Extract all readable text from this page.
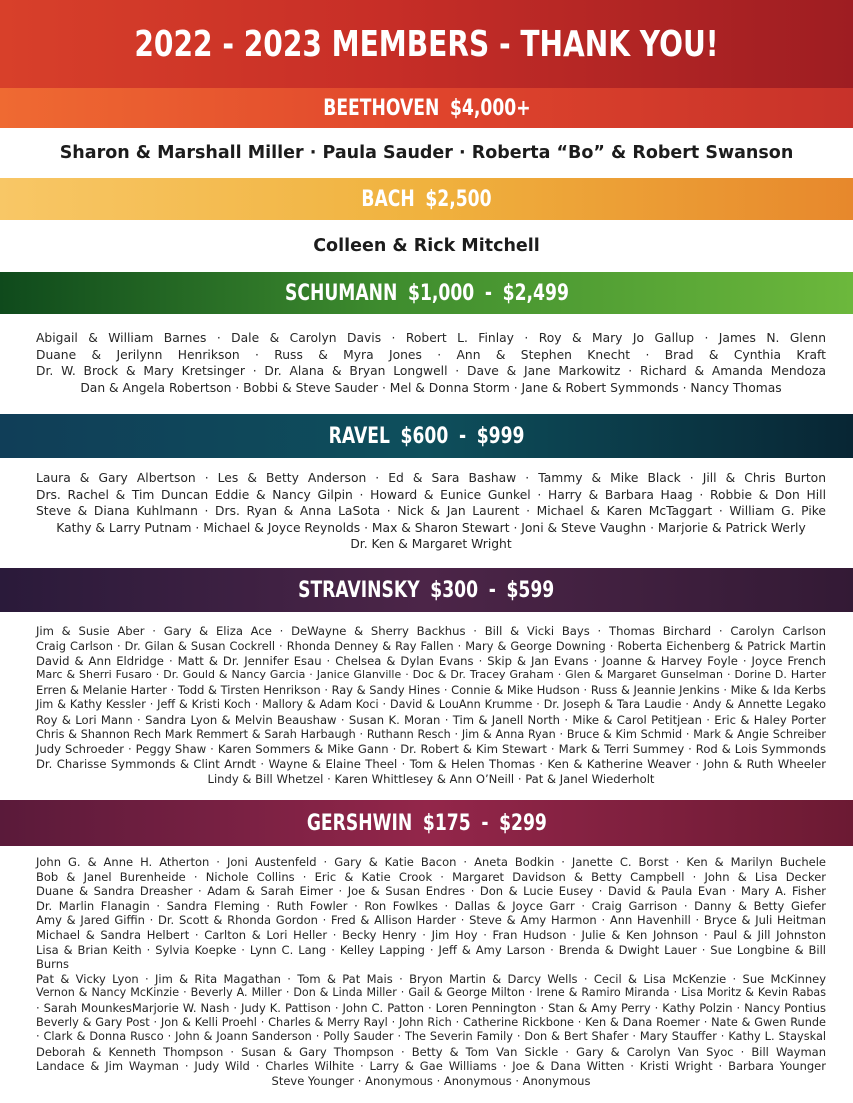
2022 - 2023 MEMBERS - THANK YOU!
BEETHOVEN $4,000+
Sharon & Marshall Miller · Paula Sauder · Roberta “Bo” & Robert Swanson
BACH $2,500
Colleen & Rick Mitchell
SCHUMANN $1,000 - $2,499
Abigail & William Barnes · Dale & Carolyn Davis · Robert L. Finlay · Roy & Mary Jo Gallup · James N. Glenn
Duane & Jerilynn Henrikson · Russ & Myra Jones · Ann & Stephen Knecht · Brad & Cynthia Kraft
Dr. W. Brock & Mary Kretsinger · Dr. Alana & Bryan Longwell · Dave & Jane Markowitz · Richard & Amanda Mendoza
Dan & Angela Robertson · Bobbi & Steve Sauder · Mel & Donna Storm · Jane & Robert Symmonds · Nancy Thomas
RAVEL $600 - $999
Laura & Gary Albertson · Les & Betty Anderson · Ed & Sara Bashaw · Tammy & Mike Black · Jill & Chris Burton
Drs. Rachel & Tim Duncan Eddie & Nancy Gilpin · Howard & Eunice Gunkel · Harry & Barbara Haag · Robbie & Don Hill
Steve & Diana Kuhlmann · Drs. Ryan & Anna LaSota · Nick & Jan Laurent · Michael & Karen McTaggart · William G. Pike
Kathy & Larry Putnam · Michael & Joyce Reynolds · Max & Sharon Stewart · Joni & Steve Vaughn · Marjorie & Patrick Werly
Dr. Ken & Margaret Wright
STRAVINSKY $300 - $599
Jim & Susie Aber · Gary & Eliza Ace · DeWayne & Sherry Backhus · Bill & Vicki Bays · Thomas Birchard · Carolyn Carlson
Craig Carlson · Dr. Gilan & Susan Cockrell · Rhonda Denney & Ray Fallen · Mary & George Downing · Roberta Eichenberg & Patrick Martin
David & Ann Eldridge · Matt & Dr. Jennifer Esau · Chelsea & Dylan Evans · Skip & Jan Evans · Joanne & Harvey Foyle · Joyce French
Marc & Sherri Fusaro · Dr. Gould & Nancy Garcia · Janice Glanville · Doc & Dr. Tracey Graham · Glen & Margaret Gunselman · Dorine D. Harter
Erren & Melanie Harter · Todd & Tirsten Henrikson · Ray & Sandy Hines · Connie & Mike Hudson · Russ & Jeannie Jenkins · Mike & Ida Kerbs
Jim & Kathy Kessler · Jeff & Kristi Koch · Mallory & Adam Koci · David & LouAnn Krumme · Dr. Joseph & Tara Laudie · Andy & Annette Legako
Roy & Lori Mann · Sandra Lyon & Melvin Beaushaw · Susan K. Moran · Tim & Janell North · Mike & Carol Petitjean · Eric & Haley Porter
Chris & Shannon Rech Mark Remmert & Sarah Harbaugh · Ruthann Resch · Jim & Anna Ryan · Bruce & Kim Schmid · Mark & Angie Schreiber
Judy Schroeder · Peggy Shaw · Karen Sommers & Mike Gann · Dr. Robert & Kim Stewart · Mark & Terri Summey · Rod & Lois Symmonds
Dr. Charisse Symmonds & Clint Arndt · Wayne & Elaine Theel · Tom & Helen Thomas · Ken & Katherine Weaver · John & Ruth Wheeler
Lindy & Bill Whetzel · Karen Whittlesey & Ann O’Neill · Pat & Janel Wiederholt
GERSHWIN $175 - $299
John G. & Anne H. Atherton · Joni Austenfeld · Gary & Katie Bacon · Aneta Bodkin · Janette C. Borst · Ken & Marilyn Buchele
Bob & Janel Burenheide · Nichole Collins · Eric & Katie Crook · Margaret Davidson & Betty Campbell · John & Lisa Decker
Duane & Sandra Dreasher · Adam & Sarah Eimer · Joe & Susan Endres · Don & Lucie Eusey · David & Paula Evan · Mary A. Fisher
Dr. Marlin Flanagin · Sandra Fleming · Ruth Fowler · Ron Fowlkes · Dallas & Joyce Garr · Craig Garrison · Danny & Betty Giefer
Amy & Jared Giffin · Dr. Scott & Rhonda Gordon · Fred & Allison Harder · Steve & Amy Harmon · Ann Havenhill · Bryce & Juli Heitman
Michael & Sandra Helbert · Carlton & Lori Heller · Becky Henry · Jim Hoy · Fran Hudson · Julie & Ken Johnson · Paul & Jill Johnston
Lisa & Brian Keith · Sylvia Koepke · Lynn C. Lang · Kelley Lapping · Jeff & Amy Larson · Brenda & Dwight Lauer · Sue Longbine & Bill Burns
Pat & Vicky Lyon · Jim & Rita Magathan · Tom & Pat Mais · Bryon Martin & Darcy Wells · Cecil & Lisa McKenzie · Sue McKinney
Vernon & Nancy McKinzie · Beverly A. Miller · Don & Linda Miller · Gail & George Milton · Irene & Ramiro Miranda · Lisa Moritz & Kevin Rabas
· Sarah MounkesMarjorie W. Nash · Judy K. Pattison · John C. Patton · Loren Pennington · Stan & Amy Perry · Kathy Polzin · Nancy Pontius
Beverly & Gary Post · Jon & Kelli Proehl · Charles & Merry Rayl · John Rich · Catherine Rickbone · Ken & Dana Roemer · Nate & Gwen Runde
· Clark & Donna Rusco · John & Joann Sanderson · Polly Sauder · The Severin Family · Don & Bert Shafer · Mary Stauffer · Kathy L. Stayskal
Deborah & Kenneth Thompson · Susan & Gary Thompson · Betty & Tom Van Sickle · Gary & Carolyn Van Syoc · Bill Wayman
Landace & Jim Wayman · Judy Wild · Charles Wilhite · Larry & Gae Williams · Joe & Dana Witten · Kristi Wright · Barbara Younger
Steve Younger · Anonymous · Anonymous · Anonymous
